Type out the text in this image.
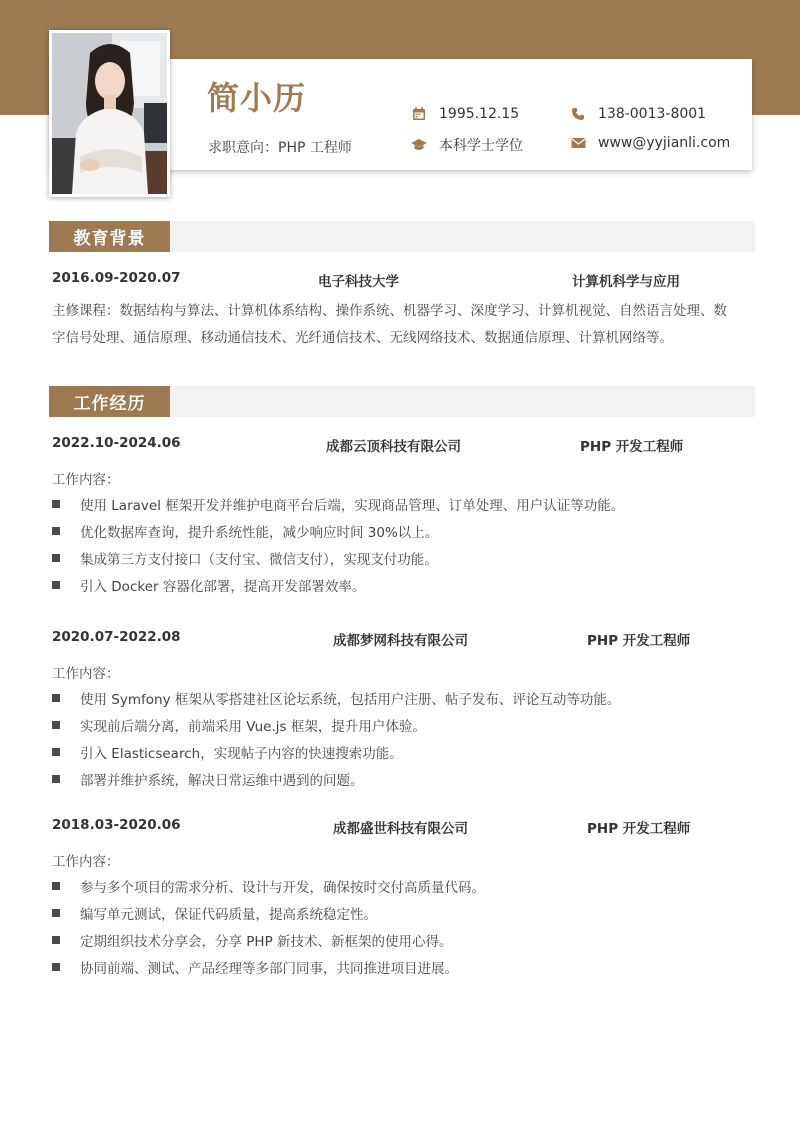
简小历
求职意向：PHP 工程师
1995.12.15
本科学士学位
138-0013-8001
www@yyjianli.com
教育背景
2016.09-2020.07	电子科技大学	计算机科学与应用
主修课程：数据结构与算法、计算机体系结构、操作系统、机器学习、深度学习、计算机视觉、自然语言处理、数
字信号处理、通信原理、移动通信技术、光纤通信技术、无线网络技术、数据通信原理、计算机网络等。
工作经历
2022.10-2024.06	成都云顶科技有限公司	PHP 开发工程师
工作内容：
使用 Laravel 框架开发并维护电商平台后端，实现商品管理、订单处理、用户认证等功能。
优化数据库查询，提升系统性能，减少响应时间 30%以上。
集成第三方支付接口（支付宝、微信支付），实现支付功能。
引入 Docker 容器化部署，提高开发部署效率。
2020.07-2022.08	成都梦网科技有限公司	PHP 开发工程师
工作内容：
使用 Symfony 框架从零搭建社区论坛系统，包括用户注册、帖子发布、评论互动等功能。
实现前后端分离，前端采用 Vue.js 框架，提升用户体验。
引入 Elasticsearch，实现帖子内容的快速搜索功能。
部署并维护系统，解决日常运维中遇到的问题。
2018.03-2020.06	成都盛世科技有限公司	PHP 开发工程师
工作内容：
参与多个项目的需求分析、设计与开发，确保按时交付高质量代码。
编写单元测试，保证代码质量，提高系统稳定性。
定期组织技术分享会，分享 PHP 新技术、新框架的使用心得。
协同前端、测试、产品经理等多部门同事，共同推进项目进展。
